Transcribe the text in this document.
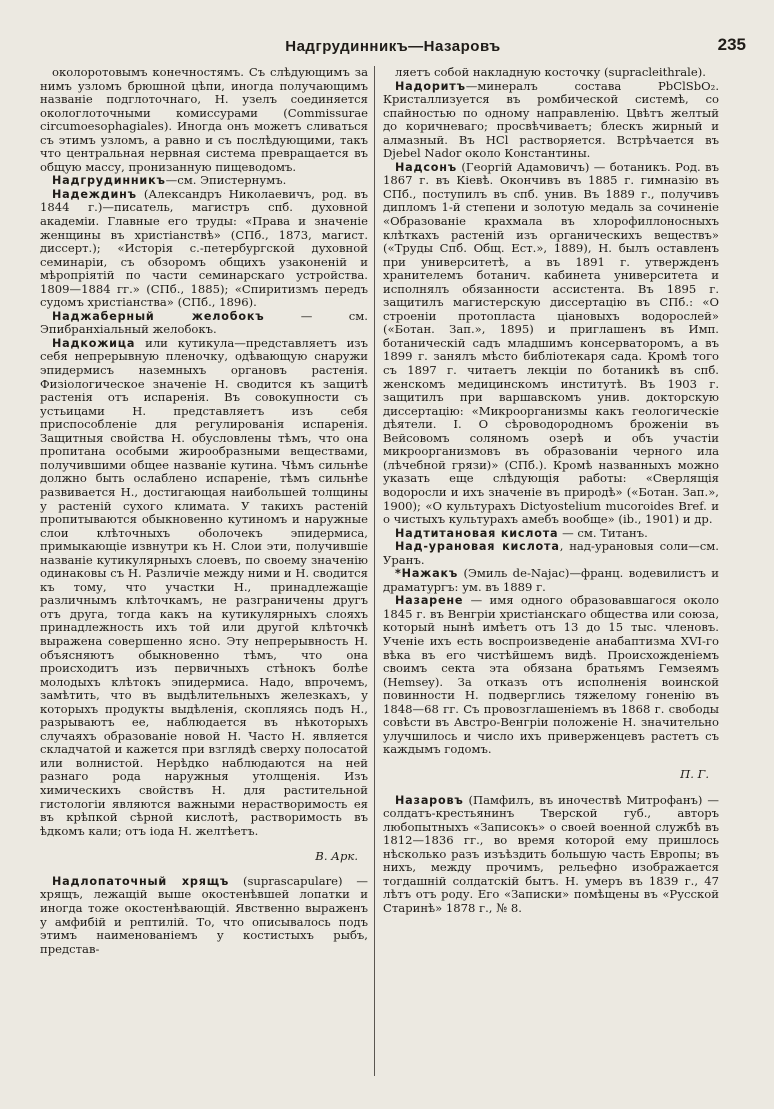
Надгрудинникъ—Назаровъ	235

околоротовымъ конечностямъ. Съ слѣдующимъ за нимъ узломъ брюшной цѣпи, иногда получающимъ названіе подглоточнаго, Н. узелъ соединяется окологлоточными комиссурами (Commissurae circumoesophagiales). Иногда онъ можетъ сливаться съ этимъ узломъ, а равно и съ послѣдующими, такъ что центральная нервная система превращается въ общую массу, пронизанную пищеводомъ.

Надгрудинникъ—см. Эпистернумъ.

Надеждинъ (Александръ Николаевичъ, род. въ 1844 г.)—писатель, магистръ спб. духовной академіи. Главные его труды: «Права и значеніе женщины въ христіанствѣ» (СПб., 1873, магист. диссерт.); «Исторія с.-петербургской духовной семинаріи, съ обзоромъ общихъ узаконеній и мѣропріятій по части семинарскаго устройства. 1809—1884 гг.» (СПб., 1885); «Спиритизмъ передъ судомъ христіанства» (СПб., 1896).

Наджаберный желобокъ — см. Эпибранхіальный желобокъ.

Надкожица или кутикула—представляетъ изъ себя непрерывную пленочку, одѣвающую снаружи эпидермисъ наземныхъ органовъ растенія. Физіологическое значеніе Н. сводится къ защитѣ растенія отъ испаренія. Въ совокупности съ устьицами Н. представляетъ изъ себя приспособленіе для регулированія испаренія. Защитныя свойства Н. обусловлены тѣмъ, что она пропитана особыми жирообразными веществами, получившими общее названіе кутина. Чѣмъ сильнѣе должно быть ослаблено испареніе, тѣмъ сильнѣе развивается Н., достигающая наибольшей толщины у растеній сухого климата. У такихъ растеній пропитываются обыкновенно кутиномъ и наружные слои клѣточныхъ оболочекъ эпидермиса, примыкающіе извнутри къ Н. Слои эти, получившіе названіе кутикулярныхъ слоевъ, по своему значенію одинаковы съ Н. Различіе между ними и Н. сводится къ тому, что участки Н., принадлежащіе различнымъ клѣточкамъ, не разграничены другъ отъ друга, тогда какъ на кутикулярныхъ слояхъ принадлежность ихъ той или другой клѣточкѣ выражена совершенно ясно. Эту непрерывность Н. объясняютъ обыкновенно тѣмъ, что она происходитъ изъ первичныхъ стѣнокъ болѣе молодыхъ клѣтокъ эпидермиса. Надо, впрочемъ, замѣтить, что въ выдѣлительныхъ железкахъ, у которыхъ продукты выдѣленія, скопляясь подъ Н., разрываютъ ее, наблюдается въ нѣкоторыхъ случаяхъ образованіе новой Н. Часто Н. является складчатой и кажется при взглядѣ сверху полосатой или волнистой. Нерѣдко наблюдаются на ней разнаго рода наружныя утолщенія. Изъ химическихъ свойствъ Н. для растительной гистологіи являются важными нерастворимость ея въ крѣпкой сѣрной кислотѣ, растворимость въ ѣдкомъ кали; отъ іода Н. желтѣетъ.

В. Арк.

Надлопаточный хрящъ (suprascapulare) — хрящъ, лежащій выше окостенѣвшей лопатки и иногда тоже окостенѣвающій. Явственно выраженъ у амфибій и рептилій. То, что описывалось подъ этимъ наименованіемъ у костистыхъ рыбъ, представ-

ляетъ собой накладную косточку (supracleithrale).

Надоритъ—минералъ состава PbClSbO₂. Кристаллизуется въ ромбической системѣ, со спайностью по одному направленію. Цвѣтъ желтый до коричневаго; просвѣчиваетъ; блескъ жирный и алмазный. Въ HCl растворяется. Встрѣчается въ Djebel Nador около Константины.

Надсонъ (Георгій Адамовичъ) — ботаникъ. Род. въ 1867 г. въ Кіевѣ. Окончивъ въ 1885 г. гимназію въ СПб., поступилъ въ спб. унив. Въ 1889 г., получивъ дипломъ 1-й степени и золотую медаль за сочиненіе «Образованіе крахмала въ хлорофиллоносныхъ клѣткахъ растеній изъ органическихъ веществъ» («Труды Спб. Общ. Ест.», 1889), Н. былъ оставленъ при университетѣ, а въ 1891 г. утвержденъ хранителемъ ботанич. кабинета университета и исполнялъ обязанности ассистента. Въ 1895 г. защитилъ магистерскую диссертацію въ СПб.: «О строеніи протопласта ціановыхъ водорослей» («Ботан. Зап.», 1895) и приглашенъ въ Имп. ботаническій садъ младшимъ консерваторомъ, а въ 1899 г. занялъ мѣсто библіотекаря сада. Кромѣ того съ 1897 г. читаетъ лекціи по ботаникѣ въ спб. женскомъ медицинскомъ институтѣ. Въ 1903 г. защитилъ при варшавскомъ унив. докторскую диссертацію: «Микроорганизмы какъ геологическіе дѣятели. I. О сѣроводородномъ броженіи въ Вейсовомъ соляномъ озерѣ и объ участіи микроорганизмовъ въ образованіи черного ила (лѣчебной грязи)» (СПб.). Кромѣ названныхъ можно указать еще слѣдующія работы: «Сверлящія водоросли и ихъ значеніе въ природѣ» («Ботан. Зап.», 1900); «О культурахъ Dictyostelium mucoroides Bref. и о чистыхъ культурахъ амебъ вообще» (ib., 1901) и др.

Надтитановая кислота — см. Титанъ.

Над-урановая кислота, над-урановыя соли—см. Уранъ.

*Нажакъ (Эмиль de-Najac)—франц. водевилистъ и драматургъ: ум. въ 1889 г.

Назарене — имя одного образовавшагося около 1845 г. въ Венгріи христіанскаго общества или союза, который нынѣ имѣетъ отъ 13 до 15 тыс. членовъ. Ученіе ихъ есть воспроизведеніе анабаптизма XVI-го вѣка въ его чистѣйшемъ видѣ. Происхожденіемъ своимъ секта эта обязана братьямъ Гемзеямъ (Hemsey). За отказъ отъ исполненія воинской повинности Н. подверглись тяжелому гоненію въ 1848—68 гг. Съ провозглашеніемъ въ 1868 г. свободы совѣсти въ Австро-Венгріи положеніе Н. значительно улучшилось и число ихъ приверженцевъ растетъ съ каждымъ годомъ.

П. Г.

Назаровъ (Памфилъ, въ иночествѣ Митрофанъ) — солдатъ-крестьянинъ Тверской губ., авторъ любопытныхъ «Записокъ» о своей военной службѣ въ 1812—1836 гг., во время которой ему пришлось нѣсколько разъ изъѣздить большую часть Европы; въ нихъ, между прочимъ, рельефно изображается тогдашній солдатскій бытъ. Н. умеръ въ 1839 г., 47 лѣтъ отъ роду. Его «Записки» помѣщены въ «Русской Старинѣ» 1878 г., № 8.
